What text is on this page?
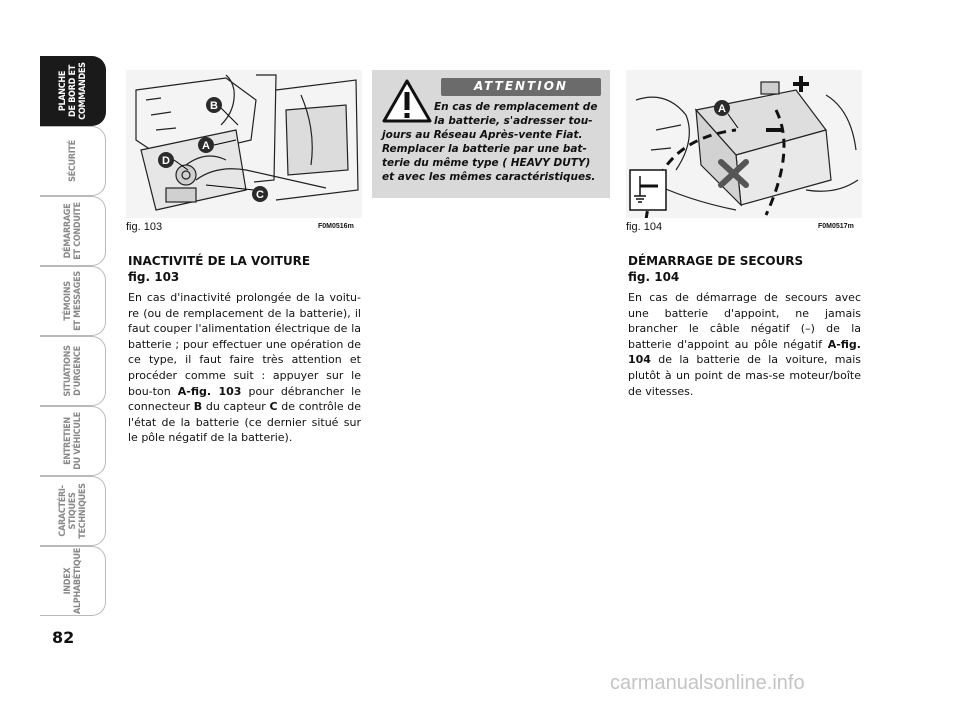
PLANCHE
DE BORD ET
COMMANDES
SÉCURITÉ
DÉMARRAGE
ET CONDUITE
TÉMOINS
ET MESSAGES
SITUATIONS
D'URGENCE
ENTRETIEN
DU VÉHICULE
CARACTÉRI-
STIQUES
TECHNIQUES
INDEX
ALPHABÉTIQUE
82
B
A
D
C
fig. 103	F0M0516m
INACTIVITÉ DE LA VOITURE
fig. 103
En cas d'inactivité prolongée de la voitu-re (ou de remplacement de la batterie), il faut couper l'alimentation électrique de la batterie ; pour effectuer une opération de ce type, il faut faire très attention et procéder comme suit : appuyer sur le bou-ton A-fig. 103 pour débrancher le connecteur B du capteur C de contrôle de l'état de la batterie (ce dernier situé sur le pôle négatif de la batterie).
ATTENTION
En cas de remplacement de la batterie, s'adresser tou-
jours au Réseau Après-vente Fiat. Remplacer la batterie par une bat-terie du même type ( HEAVY DUTY) et avec les mêmes caractéristiques.
A
fig. 104	F0M0517m
DÉMARRAGE DE SECOURS
fig. 104
En cas de démarrage de secours avec une batterie d'appoint, ne jamais brancher le câble négatif (–) de la batterie d'appoint au pôle négatif A-fig. 104 de la batterie de la voiture, mais plutôt à un point de mas-se moteur/boîte de vitesses.
carmanualsonline.info
